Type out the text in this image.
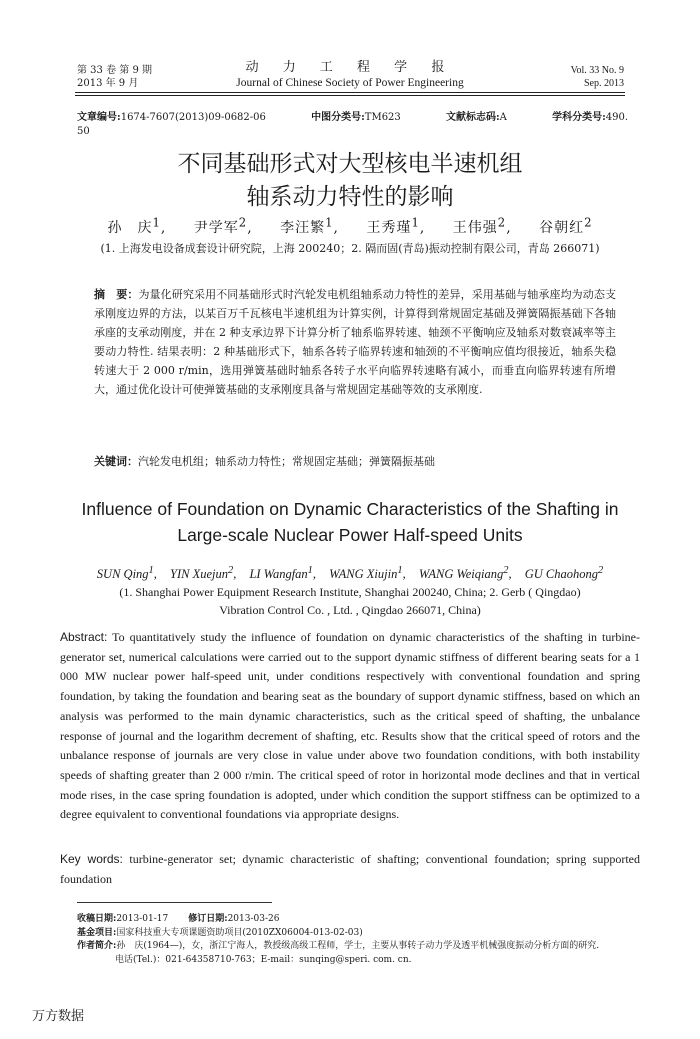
第 33 卷 第 9 期
2013 年 9 月
动 力 工 程 学 报
Journal of Chinese Society of Power Engineering
Vol. 33 No. 9
Sep. 2013
文章编号:1674-7607(2013)09-0682-06	中图分类号:TM623	文献标志码:A	学科分类号:490. 50
不同基础形式对大型核电半速机组
轴系动力特性的影响
孙　庆$^1$, 尹学军$^2$, 李汪繁$^1$, 王秀瑾$^1$, 王伟强$^2$, 谷朝红$^2$
(1. 上海发电设备成套设计研究院，上海 200240；2. 隔而固(青岛)振动控制有限公司，青岛 266071)
摘　要：为量化研究采用不同基础形式时汽轮发电机组轴系动力特性的差异，采用基础与轴承座均为动态支承刚度边界的方法，以某百万千瓦核电半速机组为计算实例，计算得到常规固定基础及弹簧隔振基础下各轴承座的支承动刚度，并在 2 种支承边界下计算分析了轴系临界转速、轴颈不平衡响应及轴系对数衰减率等主要动力特性. 结果表明：2 种基础形式下，轴系各转子临界转速和轴颈的不平衡响应值均很接近，轴系失稳转速大于 2 000 r/min，选用弹簧基础时轴系各转子水平向临界转速略有减小，而垂直向临界转速有所增大，通过优化设计可使弹簧基础的支承刚度具备与常规固定基础等效的支承刚度.
关键词：汽轮发电机组；轴系动力特性；常规固定基础；弹簧隔振基础
Influence of Foundation on Dynamic Characteristics of the Shafting in
Large-scale Nuclear Power Half-speed Units
SUN Qing$^1$, YIN Xuejun$^2$, LI Wangfan$^1$, WANG Xiujin$^1$, WANG Weiqiang$^2$, GU Chaohong$^2$
(1. Shanghai Power Equipment Research Institute, Shanghai 200240, China; 2. Gerb ( Qingdao)
Vibration Control Co. , Ltd. , Qingdao 266071, China)
Abstract: To quantitatively study the influence of foundation on dynamic characteristics of the shafting in turbine-generator set, numerical calculations were carried out to the support dynamic stiffness of different bearing seats for a 1 000 MW nuclear power half-speed unit, under conditions respectively with conventional foundation and spring foundation, by taking the foundation and bearing seat as the boundary of support dynamic stiffness, based on which an analysis was performed to the main dynamic characteristics, such as the critical speed of shafting, the unbalance response of journal and the logarithm decrement of shafting, etc. Results show that the critical speed of rotors and the unbalance response of journals are very close in value under above two foundation conditions, with both instability speeds of shafting greater than 2 000 r/min. The critical speed of rotor in horizontal mode declines and that in vertical mode rises, in the case spring foundation is adopted, under which condition the support stiffness can be optimized to a degree equivalent to conventional foundations via appropriate designs.
Key words: turbine-generator set; dynamic characteristic of shafting; conventional foundation; spring supported foundation
收稿日期:2013-01-17 修订日期:2013-03-26
基金项目:国家科技重大专项课题资助项目(2010ZX06004-013-02-03)
作者简介:孙　庆(1964—)，女，浙江宁海人，教授级高级工程师，学士，主要从事转子动力学及透平机械强度振动分析方面的研究.
电话(Tel.)：021-64358710-763；E-mail：sunqing@speri. com. cn.
万方数据
